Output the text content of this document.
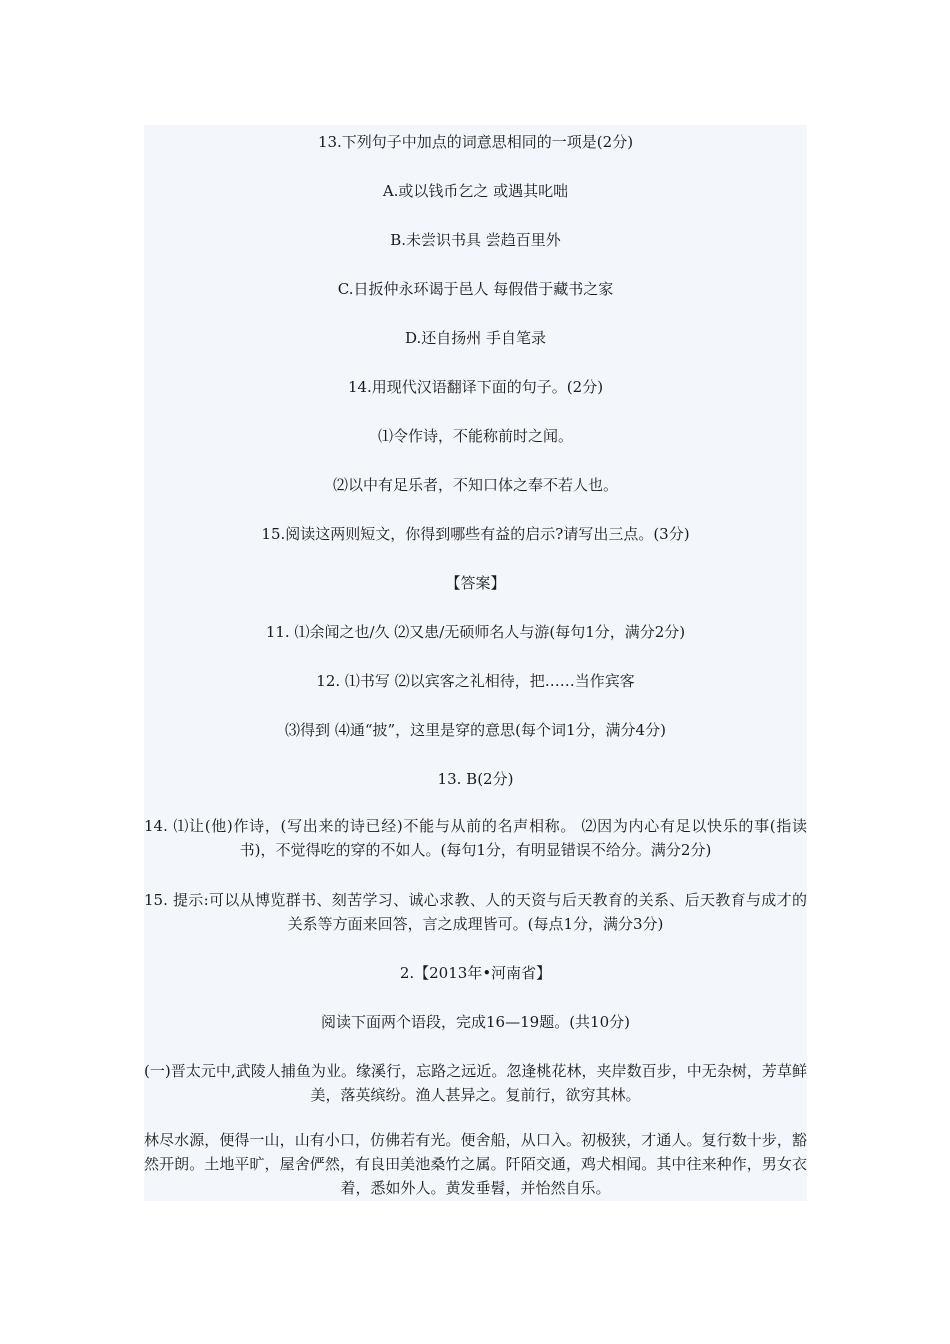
13.下列句子中加点的词意思相同的一项是(2分)
A.或以钱币乞之 或遇其叱咄
B.未尝识书具 尝趋百里外
C.日扳仲永环谒于邑人 每假借于藏书之家
D.还自扬州 手自笔录
14.用现代汉语翻译下面的句子。(2分)
⑴令作诗，不能称前时之闻。
⑵以中有足乐者，不知口体之奉不若人也。
15.阅读这两则短文，你得到哪些有益的启示?请写出三点。(3分)
【答案】
11. ⑴余闻之也/久 ⑵又患/无硕师名人与游(每句1分，满分2分)
12. ⑴书写 ⑵以宾客之礼相待，把……当作宾客
⑶得到 ⑷通“披”，这里是穿的意思(每个词1分，满分4分)
13. B(2分)
14. ⑴让(他)作诗，(写出来的诗已经)不能与从前的名声相称。 ⑵因为内心有足以快乐的事(指读书)，不觉得吃的穿的不如人。(每句1分，有明显错误不给分。满分2分)
15. 提示:可以从博览群书、刻苦学习、诚心求教、人的天资与后天教育的关系、后天教育与成才的关系等方面来回答，言之成理皆可。(每点1分，满分3分)
2.【2013年•河南省】
阅读下面两个语段，完成16—19题。(共10分)
(一)晋太元中,武陵人捕鱼为业。缘溪行，忘路之远近。忽逢桃花林，夹岸数百步，中无杂树，芳草鲜美，落英缤纷。渔人甚异之。复前行，欲穷其林。
林尽水源，便得一山，山有小口，仿佛若有光。便舍船，从口入。初极狭，才通人。复行数十步，豁然开朗。土地平旷，屋舍俨然，有良田美池桑竹之属。阡陌交通，鸡犬相闻。其中往来种作，男女衣着，悉如外人。黄发垂髫，并怡然自乐。
